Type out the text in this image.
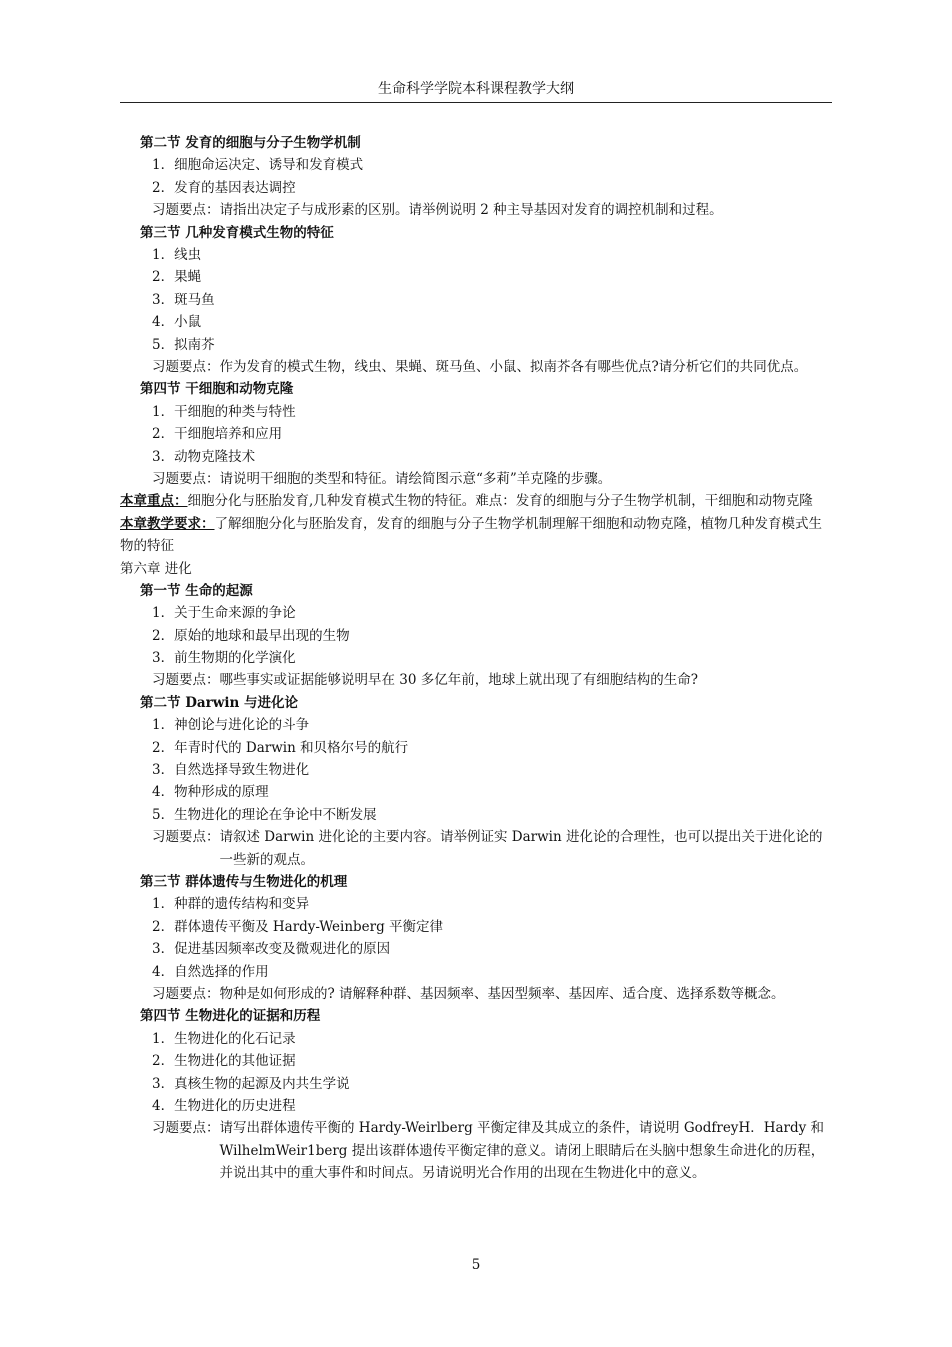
生命科学学院本科课程教学大纲
第二节 发育的细胞与分子生物学机制
1．细胞命运决定、诱导和发育模式
2．发育的基因表达调控
习题要点： 请指出决定子与成形素的区别。请举例说明 2 种主导基因对发育的调控机制和过程。
第三节 几种发育模式生物的特征
1．线虫
2．果蝇
3．斑马鱼
4．小鼠
5．拟南芥
习题要点： 作为发育的模式生物，线虫、果蝇、斑马鱼、小鼠、拟南芥各有哪些优点?请分析它们的共同优点。
第四节 干细胞和动物克隆
1．干细胞的种类与特性
2．干细胞培养和应用
3．动物克隆技术
习题要点： 请说明干细胞的类型和特征。请绘简图示意“多莉”羊克隆的步骤。
本章重点：细胞分化与胚胎发育,几种发育模式生物的特征。难点：发育的细胞与分子生物学机制，干细胞和动物克隆
本章教学要求：了解细胞分化与胚胎发育，发育的细胞与分子生物学机制理解干细胞和动物克隆，植物几种发育模式生物的特征
第六章 进化
第一节 生命的起源
1．关于生命来源的争论
2．原始的地球和最早出现的生物
3．前生物期的化学演化
习题要点： 哪些事实或证据能够说明早在 30 多亿年前，地球上就出现了有细胞结构的生命?
第二节 Darwin 与进化论
1．神创论与进化论的斗争
2．年青时代的 Darwin 和贝格尔号的航行
3．自然选择导致生物进化
4．物种形成的原理
5．生物进化的理论在争论中不断发展
习题要点： 请叙述 Darwin 进化论的主要内容。请举例证实 Darwin 进化论的合理性，也可以提出关于进化论的一些新的观点。
第三节 群体遗传与生物进化的机理
1．种群的遗传结构和变异
2．群体遗传平衡及 Hardy-Weinberg 平衡定律
3．促进基因频率改变及微观进化的原因
4．自然选择的作用
习题要点： 物种是如何形成的? 请解释种群、基因频率、基因型频率、基因库、适合度、选择系数等概念。
第四节 生物进化的证据和历程
1．生物进化的化石记录
2．生物进化的其他证据
3．真核生物的起源及内共生学说
4．生物进化的历史进程
习题要点： 请写出群体遗传平衡的 Hardy-Weirlberg 平衡定律及其成立的条件，请说明 GodfreyH．Hardy 和 WilhelmWeir1berg 提出该群体遗传平衡定律的意义。请闭上眼睛后在头脑中想象生命进化的历程，并说出其中的重大事件和时间点。另请说明光合作用的出现在生物进化中的意义。
5
